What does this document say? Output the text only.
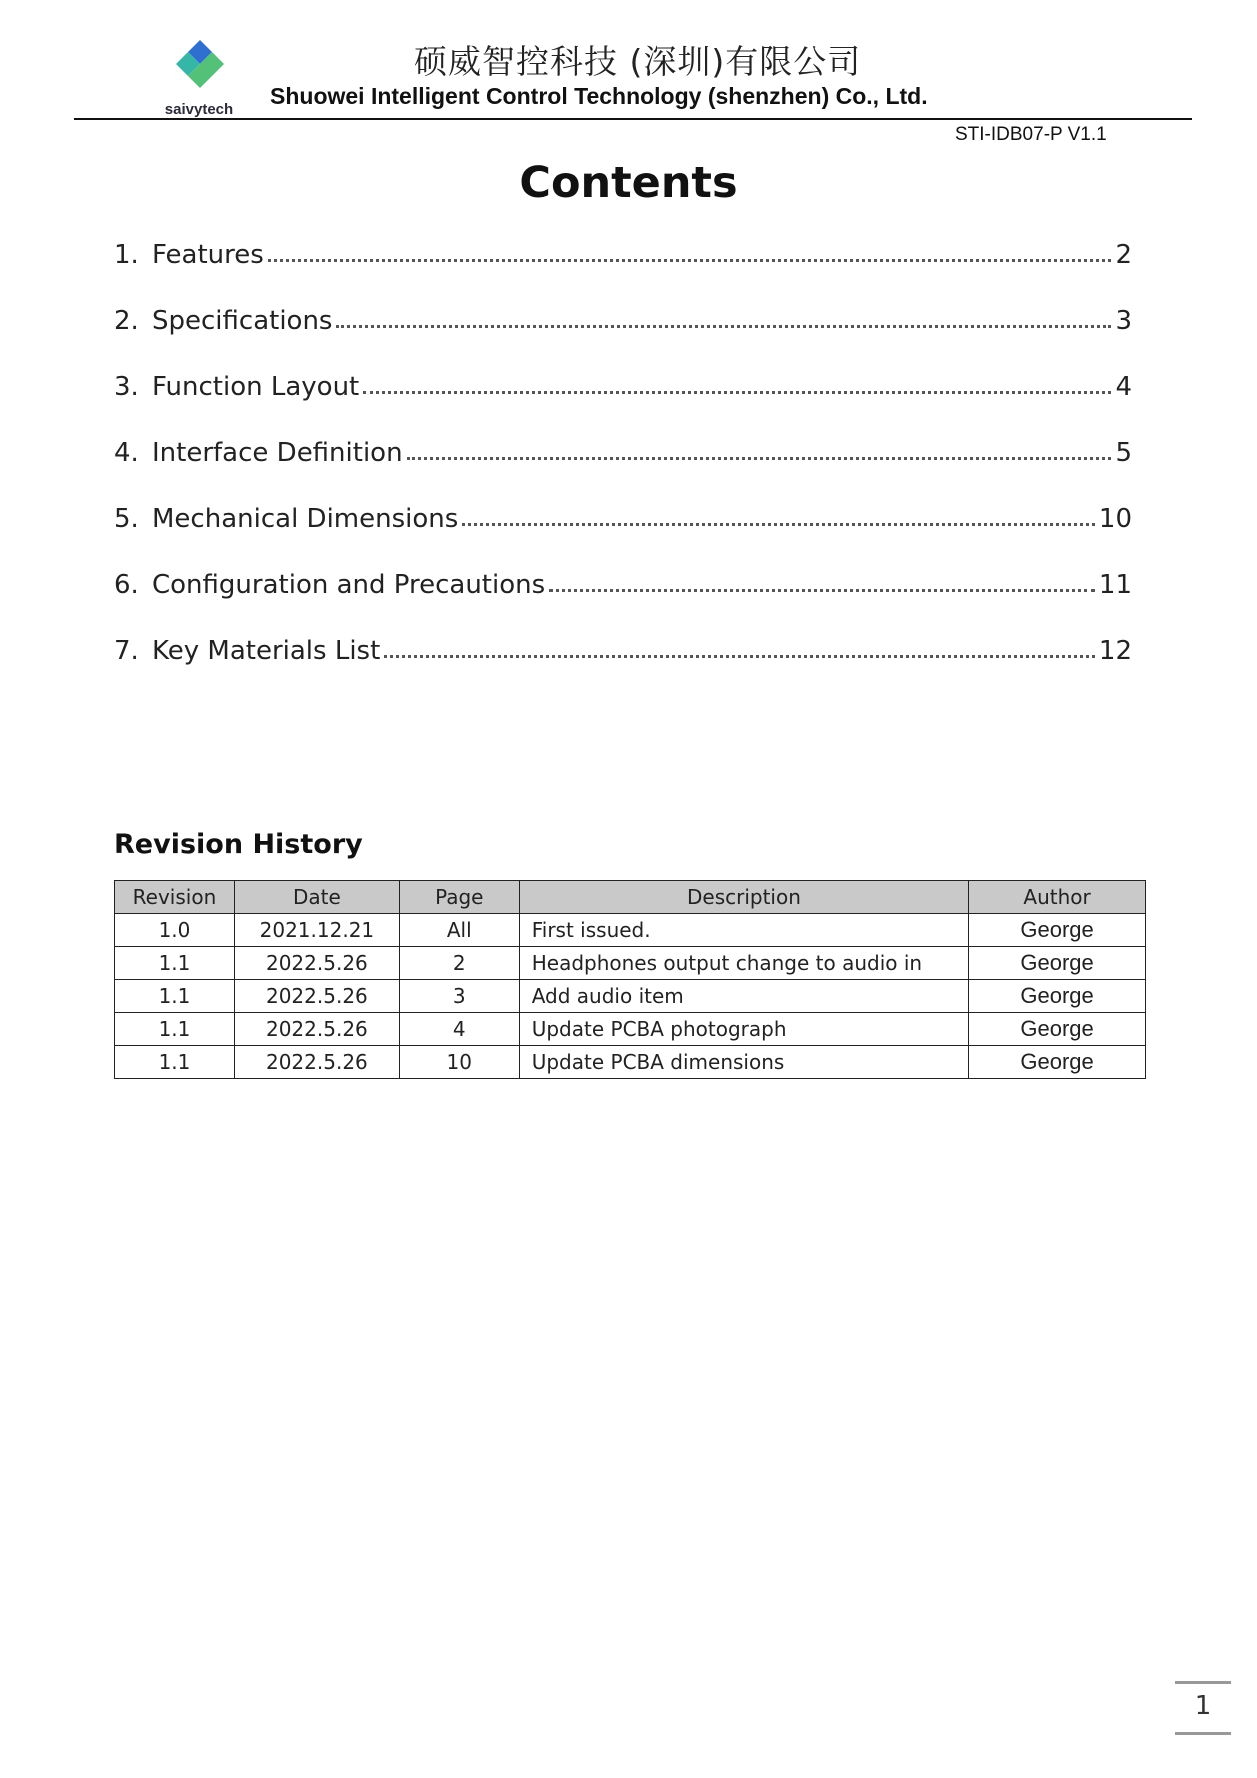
saivytech
硕威智控科技 (深圳)有限公司
Shuowei Intelligent Control Technology (shenzhen) Co., Ltd.
STI-IDB07-P V1.1
Contents
1. Features	2
2. Specifications	3
3. Function Layout	4
4. Interface Definition	5
5. Mechanical Dimensions	10
6. Configuration and Precautions	11
7. Key Materials List	12
Revision History
Revision	Date	Page	Description	Author
1.0	2021.12.21	All	First issued.	George
1.1	2022.5.26	2	Headphones output change to audio in	George
1.1	2022.5.26	3	Add audio item	George
1.1	2022.5.26	4	Update PCBA photograph	George
1.1	2022.5.26	10	Update PCBA dimensions	George
1
